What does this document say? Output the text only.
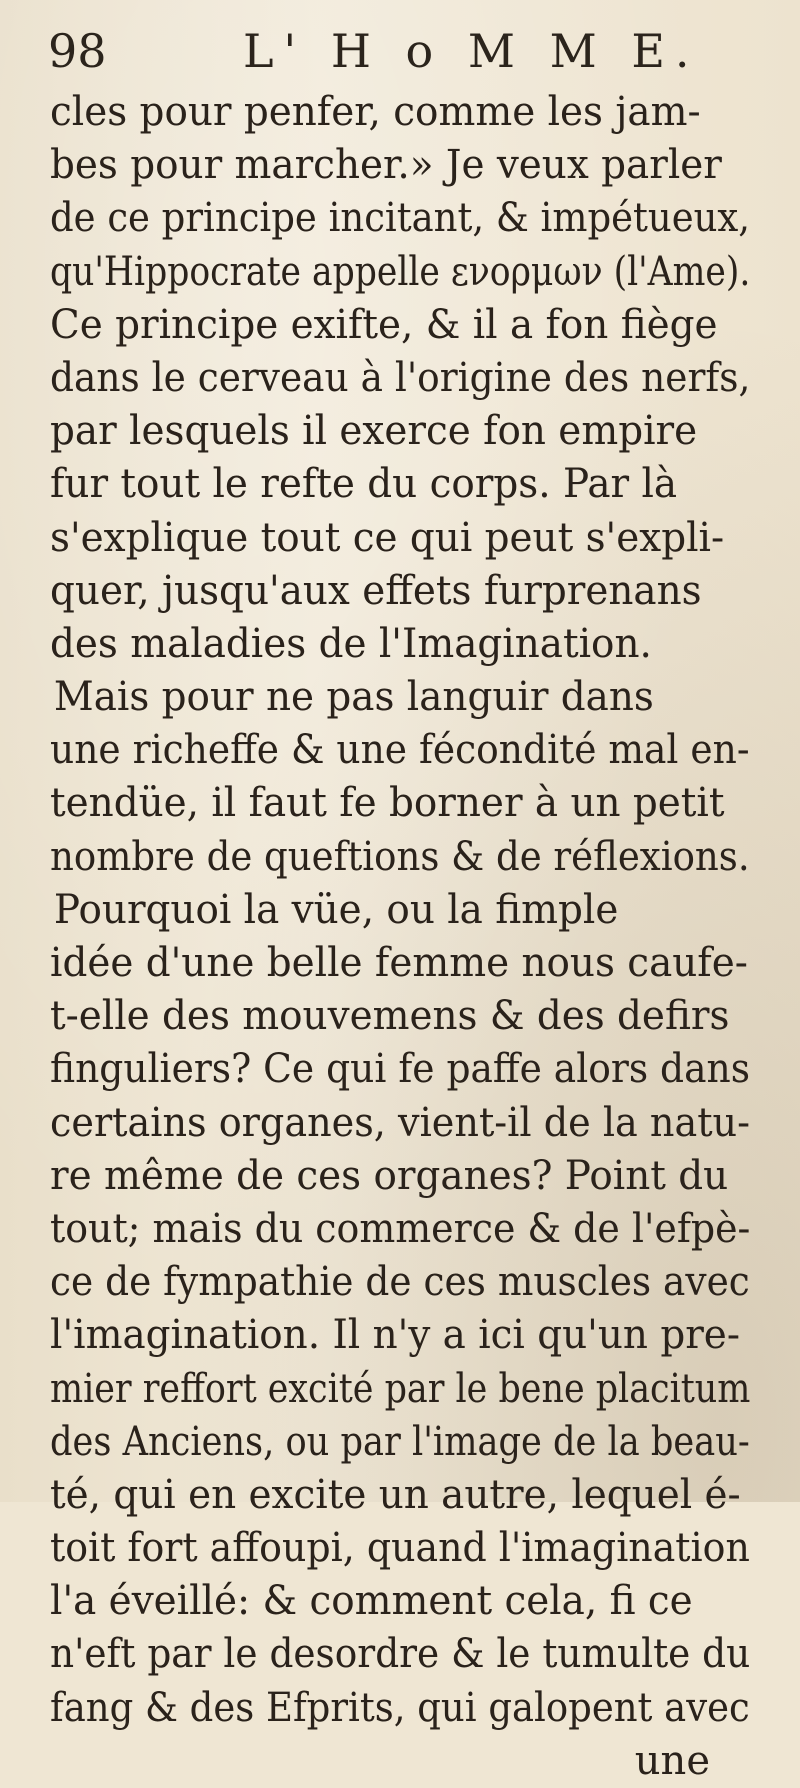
98	L' H o M M E.
cles pour penfer, comme les jam-
bes pour marcher.» Je veux parler
de ce principe incitant, & impétueux,
qu'Hippocrate appelle ενορμων (l'Ame).
Ce principe exifte, & il a fon fiège
dans le cerveau à l'origine des nerfs,
par lesquels il exerce fon empire
fur tout le refte du corps. Par là
s'explique tout ce qui peut s'expli-
quer, jusqu'aux effets furprenans
des maladies de l'Imagination.
Mais pour ne pas languir dans
une richeffe & une fécondité mal en-
tendüe, il faut fe borner à un petit
nombre de queftions & de réflexions.
Pourquoi la vüe, ou la fimple
idée d'une belle femme nous caufe-
t-elle des mouvemens & des defirs
finguliers? Ce qui fe paffe alors dans
certains organes, vient-il de la natu-
re même de ces organes? Point du
tout; mais du commerce & de l'efpè-
ce de fympathie de ces muscles avec
l'imagination. Il n'y a ici qu'un pre-
mier reffort excité par le bene placitum
des Anciens, ou par l'image de la beau-
té, qui en excite un autre, lequel é-
toit fort affoupi, quand l'imagination
l'a éveillé: & comment cela, fi ce
n'eft par le desordre & le tumulte du
fang & des Efprits, qui galopent avec
une
